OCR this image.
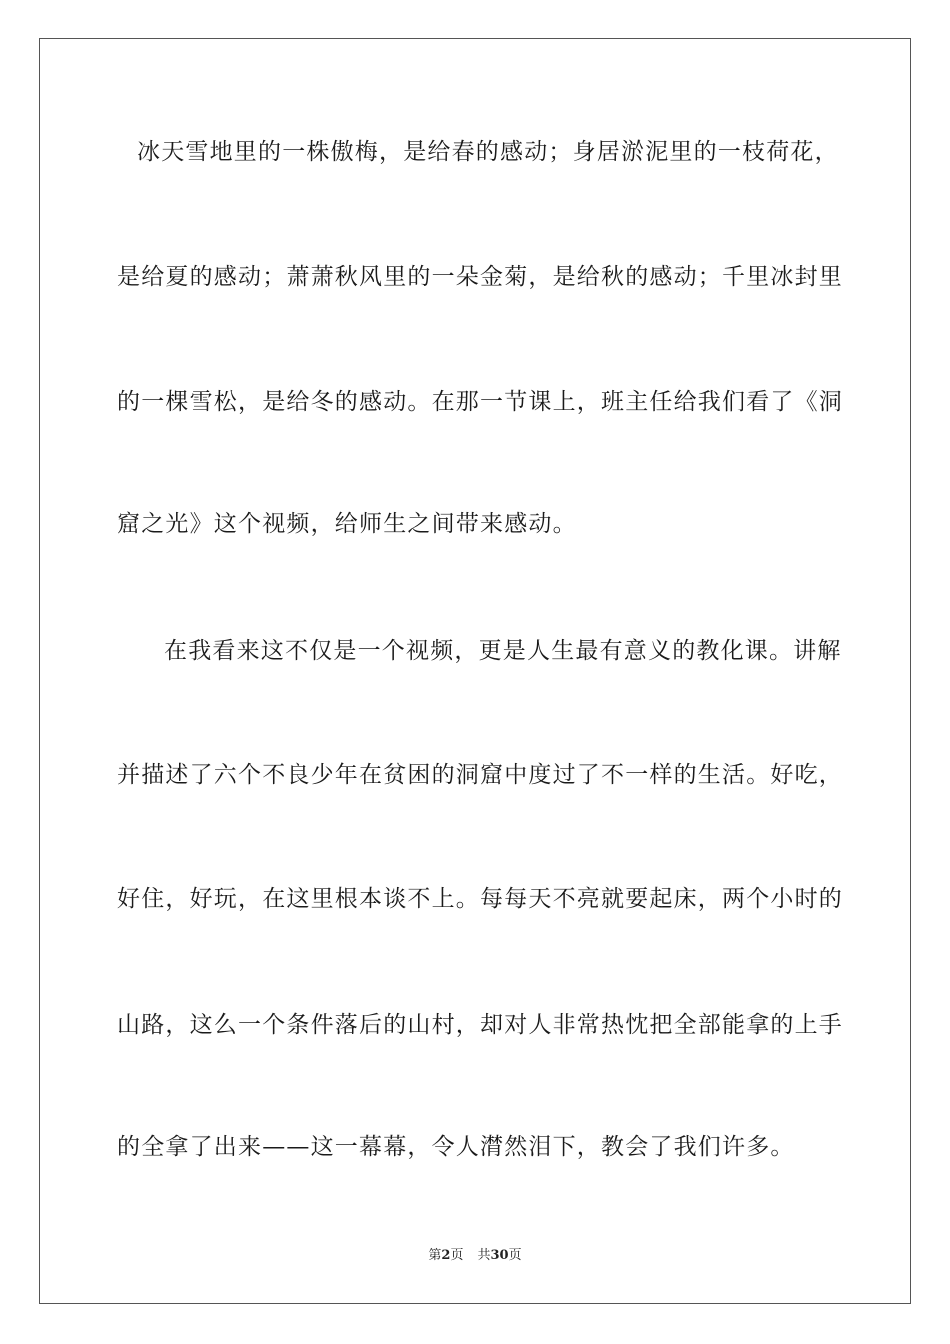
冰天雪地里的一株傲梅，是给春的感动；身居淤泥里的一枝荷花，
是给夏的感动；萧萧秋风里的一朵金菊，是给秋的感动；千里冰封里
的一棵雪松，是给冬的感动。在那一节课上，班主任给我们看了《洞
窟之光》这个视频，给师生之间带来感动。
在我看来这不仅是一个视频，更是人生最有意义的教化课。讲解
并描述了六个不良少年在贫困的洞窟中度过了不一样的生活。好吃，
好住，好玩，在这里根本谈不上。每每天不亮就要起床，两个小时的
山路，这么一个条件落后的山村，却对人非常热忱把全部能拿的上手
的全拿了出来——这一幕幕，令人潸然泪下，教会了我们许多。
第2页 共30页
